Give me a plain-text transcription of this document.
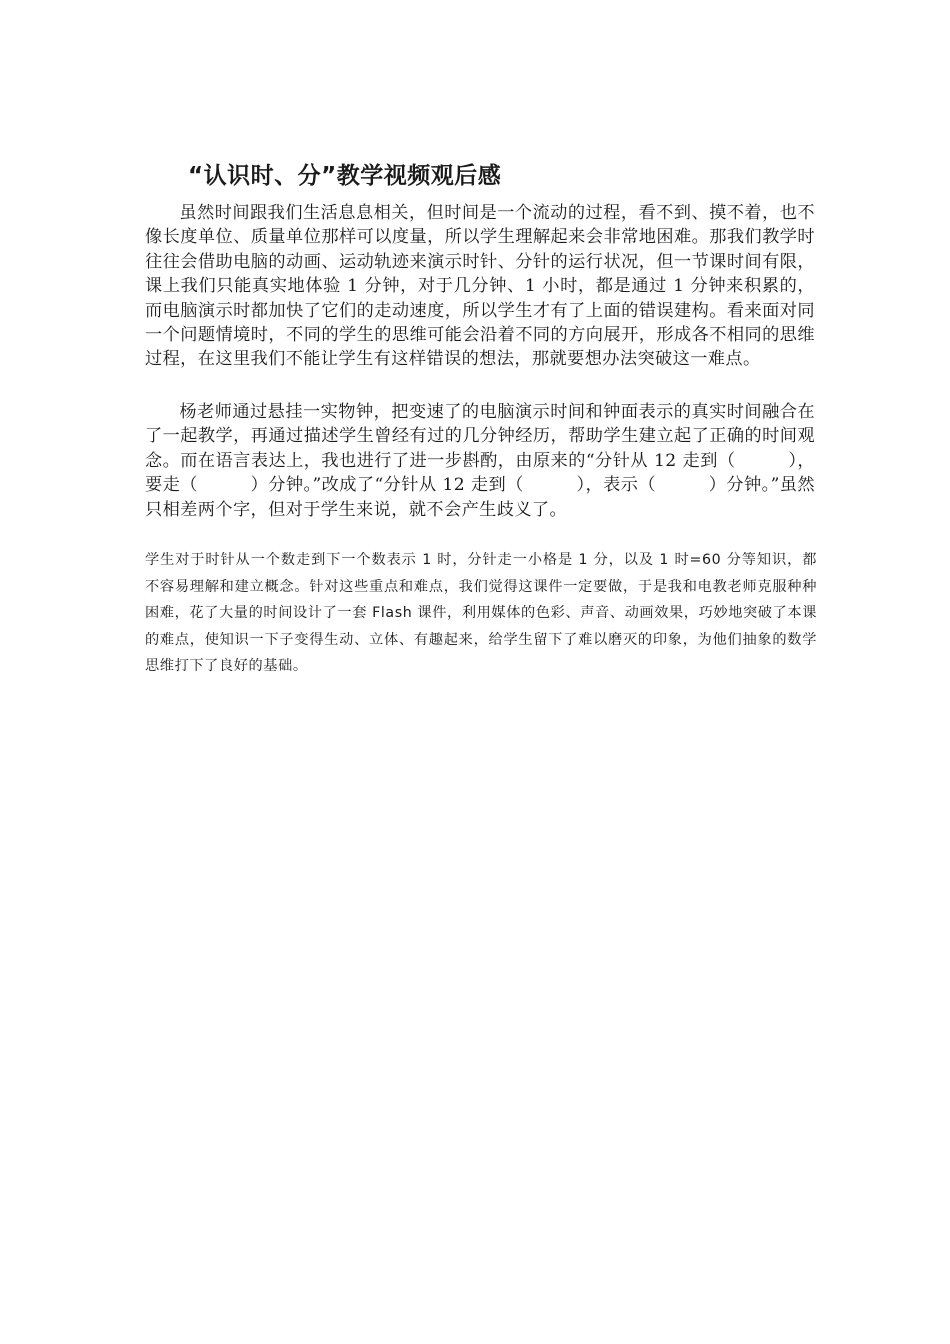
“认识时、分”教学视频观后感

虽然时间跟我们生活息息相关，但时间是一个流动的过程，看不到、摸不着，也不像长度单位、质量单位那样可以度量，所以学生理解起来会非常地困难。那我们教学时往往会借助电脑的动画、运动轨迹来演示时针、分针的运行状况，但一节课时间有限，课上我们只能真实地体验 1 分钟，对于几分钟、1 小时，都是通过 1 分钟来积累的，而电脑演示时都加快了它们的走动速度，所以学生才有了上面的错误建构。看来面对同一个问题情境时，不同的学生的思维可能会沿着不同的方向展开，形成各不相同的思维过程，在这里我们不能让学生有这样错误的想法，那就要想办法突破这一难点。

杨老师通过悬挂一实物钟，把变速了的电脑演示时间和钟面表示的真实时间融合在了一起教学，再通过描述学生曾经有过的几分钟经历，帮助学生建立起了正确的时间观念。而在语言表达上，我也进行了进一步斟酌，由原来的“分针从 12 走到（　　　），要走（　　　）分钟。”改成了“分针从 12 走到（　　　），表示（　　　）分钟。”虽然只相差两个字，但对于学生来说，就不会产生歧义了。

学生对于时针从一个数走到下一个数表示 1 时，分针走一小格是 1 分，以及 1 时=60 分等知识，都不容易理解和建立概念。针对这些重点和难点，我们觉得这课件一定要做，于是我和电教老师克服种种困难，花了大量的时间设计了一套 Flash 课件，利用媒体的色彩、声音、动画效果，巧妙地突破了本课的难点，使知识一下子变得生动、立体、有趣起来，给学生留下了难以磨灭的印象，为他们抽象的数学思维打下了良好的基础。
